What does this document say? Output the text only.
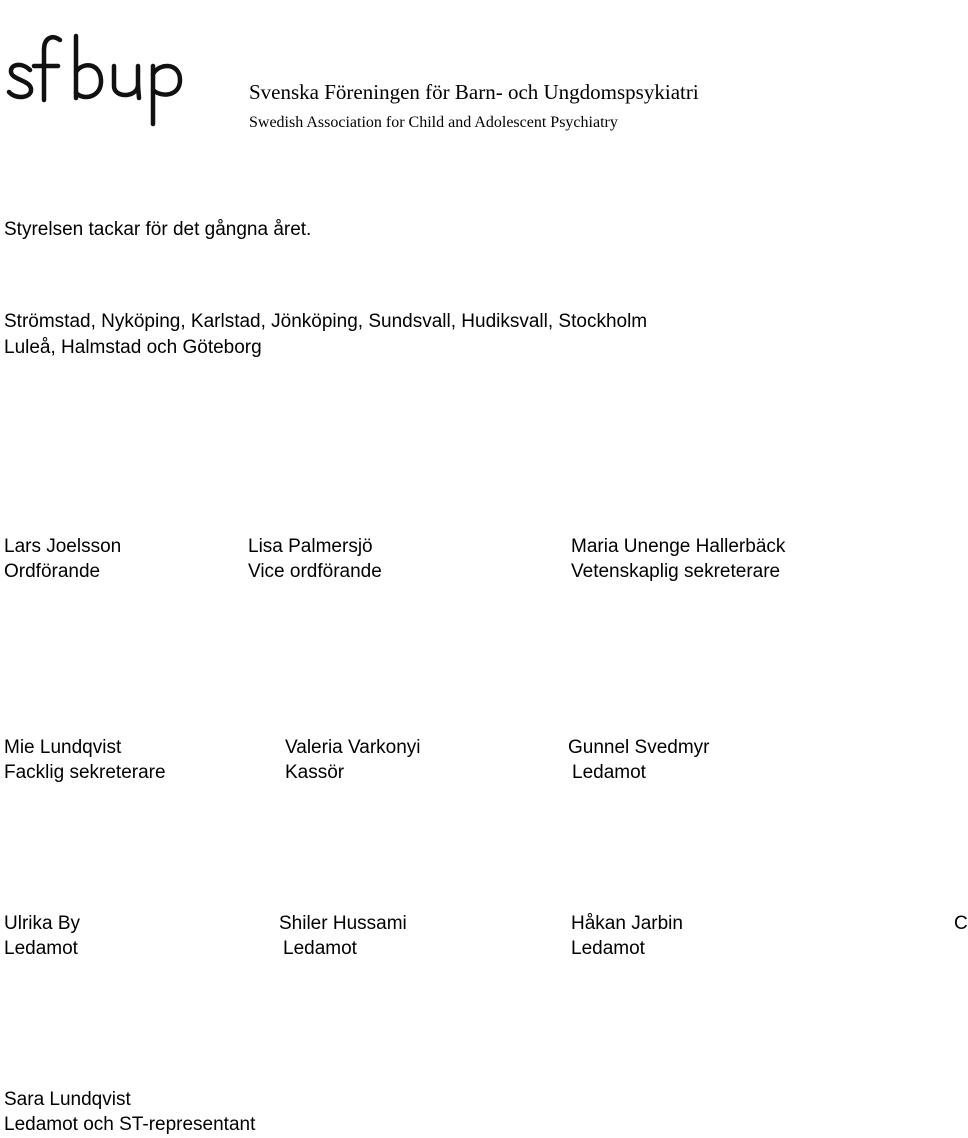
Svenska Föreningen för Barn- och Ungdomspsykiatri
Swedish Association for Child and Adolescent Psychiatry
Styrelsen tackar för det gångna året.
Strömstad, Nyköping, Karlstad, Jönköping, Sundsvall, Hudiksvall, Stockholm
Luleå, Halmstad och Göteborg
Lars Joelsson
Ordförande
Lisa Palmersjö
Vice ordförande
Maria Unenge Hallerbäck
Vetenskaplig sekreterare
Mie Lundqvist
Facklig sekreterare
Valeria Varkonyi
Kassör
Gunnel Svedmyr
Ledamot
Ulrika By
Ledamot
Shiler Hussami
Ledamot
Håkan Jarbin
Ledamot
C
Sara Lundqvist
Ledamot och ST-representant
